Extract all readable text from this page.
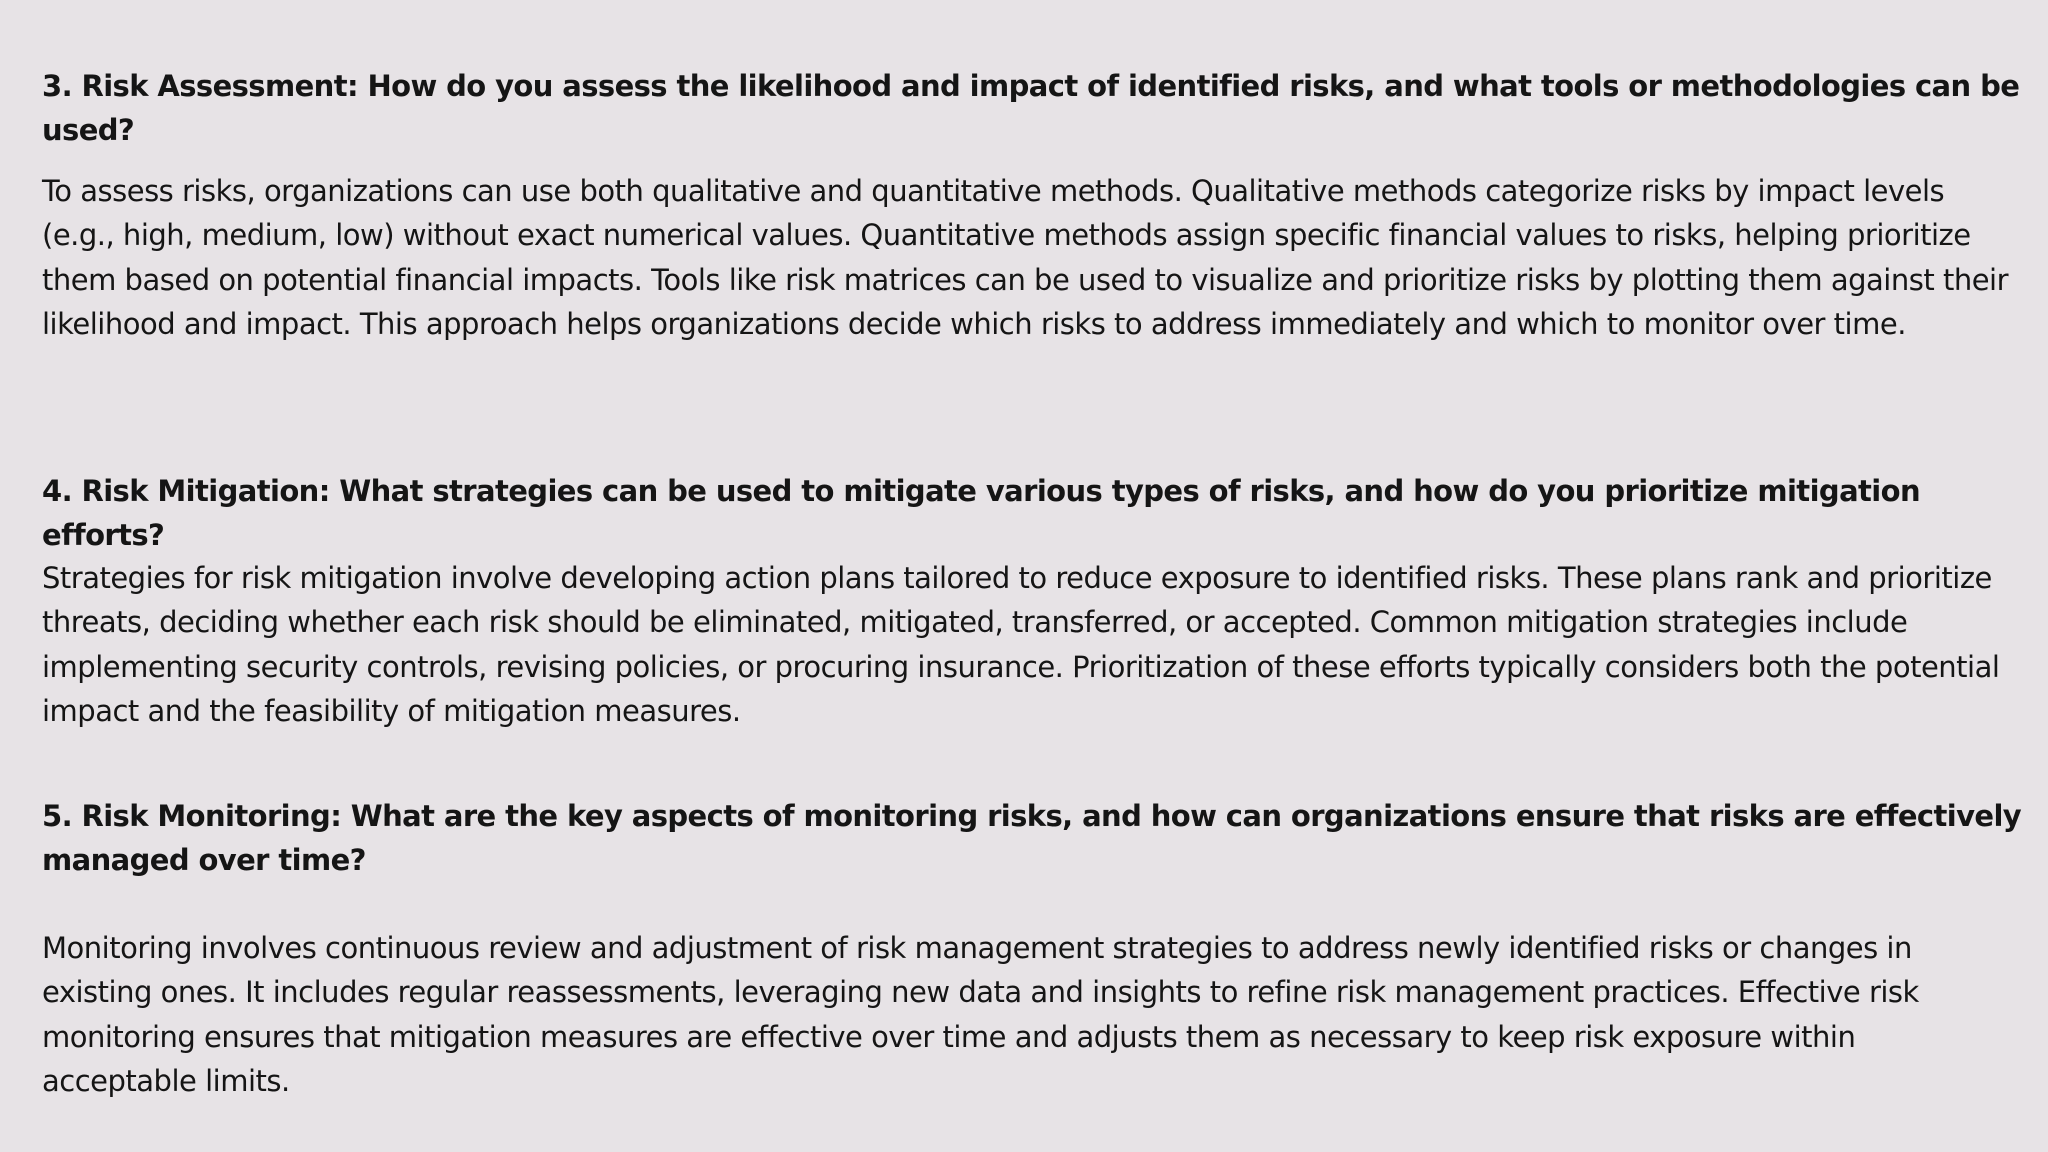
3. Risk Assessment: How do you assess the likelihood and impact of identified risks, and what tools or methodologies can be used?

To assess risks, organizations can use both qualitative and quantitative methods. Qualitative methods categorize risks by impact levels (e.g., high, medium, low) without exact numerical values. Quantitative methods assign specific financial values to risks, helping prioritize them based on potential financial impacts. Tools like risk matrices can be used to visualize and prioritize risks by plotting them against their likelihood and impact. This approach helps organizations decide which risks to address immediately and which to monitor over time.

4. Risk Mitigation: What strategies can be used to mitigate various types of risks, and how do you prioritize mitigation efforts?

Strategies for risk mitigation involve developing action plans tailored to reduce exposure to identified risks. These plans rank and prioritize threats, deciding whether each risk should be eliminated, mitigated, transferred, or accepted. Common mitigation strategies include implementing security controls, revising policies, or procuring insurance. Prioritization of these efforts typically considers both the potential impact and the feasibility of mitigation measures.

5. Risk Monitoring: What are the key aspects of monitoring risks, and how can organizations ensure that risks are effectively managed over time?

Monitoring involves continuous review and adjustment of risk management strategies to address newly identified risks or changes in existing ones. It includes regular reassessments, leveraging new data and insights to refine risk management practices. Effective risk monitoring ensures that mitigation measures are effective over time and adjusts them as necessary to keep risk exposure within acceptable limits.
